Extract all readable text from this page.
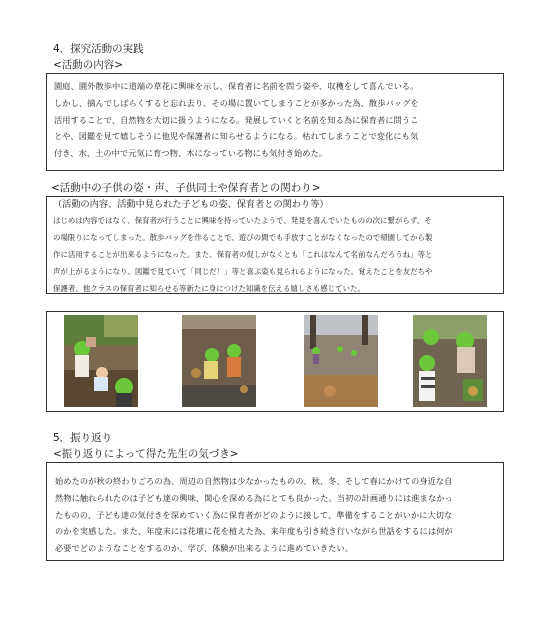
4．探究活動の実践
<活動の内容>

園庭、園外散歩中に道端の草花に興味を示し、保育者に名前を問う姿や、収穫をして喜んでいる。

しかし、摘んでしばらくすると忘れ去り、その場に置いてしまうことが多かった為、散歩バッグを

活用することで、自然物を大切に扱うようになる。発展していくと名前を知る為に保育者に問うこ

とや、図鑑を見て嬉しそうに他児や保護者に知らせるようになる。枯れてしまうことで変化にも気

付き、水、土の中で元気に育つ物、木になっている物にも気付き始めた。

<活動中の子供の姿・声、子供同士や保育者との関わり>
（活動の内容、活動中見られた子どもの姿、保育者との関わり等）

はじめは内容ではなく、保育者が行うことに興味を持っていたようで、発見を喜んでいたものの次に繋がらず、そ

の場限りになってしまった。散歩バッグを作ることで、遊びの間でも手放すことがなくなったので帰園してから製

作に活用することが出来るようになった。また、保育者の促しがなくとも「これはなんて名前なんだろうね」等と

声が上がるようになり、図鑑で見ていて「同じだ！」等と喜ぶ姿も見られるようになった。覚えたことを友だちや

保護者、他クラスの保育者に知らせる等新たに身につけた知識を伝える嬉しさも感じていた。

5．振り返り
<振り返りによって得た先生の気づき>

始めたのが秋の終わりごろの為、周辺の自然物は少なかったものの、秋、冬、そして春にかけての身近な自

然物に触れられたのは子ども達の興味、関心を深める為にとても良かった。当初の計画通りには進まなかっ

たものの、子ども達の気付きを深めていく為に保育者がどのように接して、準備をすることがいかに大切な

のかを実感した。また、年度末には花壇に花を植えた為、来年度も引き続き行いながら世話をするには何が

必要でどのようなことをするのか、学び、体験が出来るように進めていきたい。
